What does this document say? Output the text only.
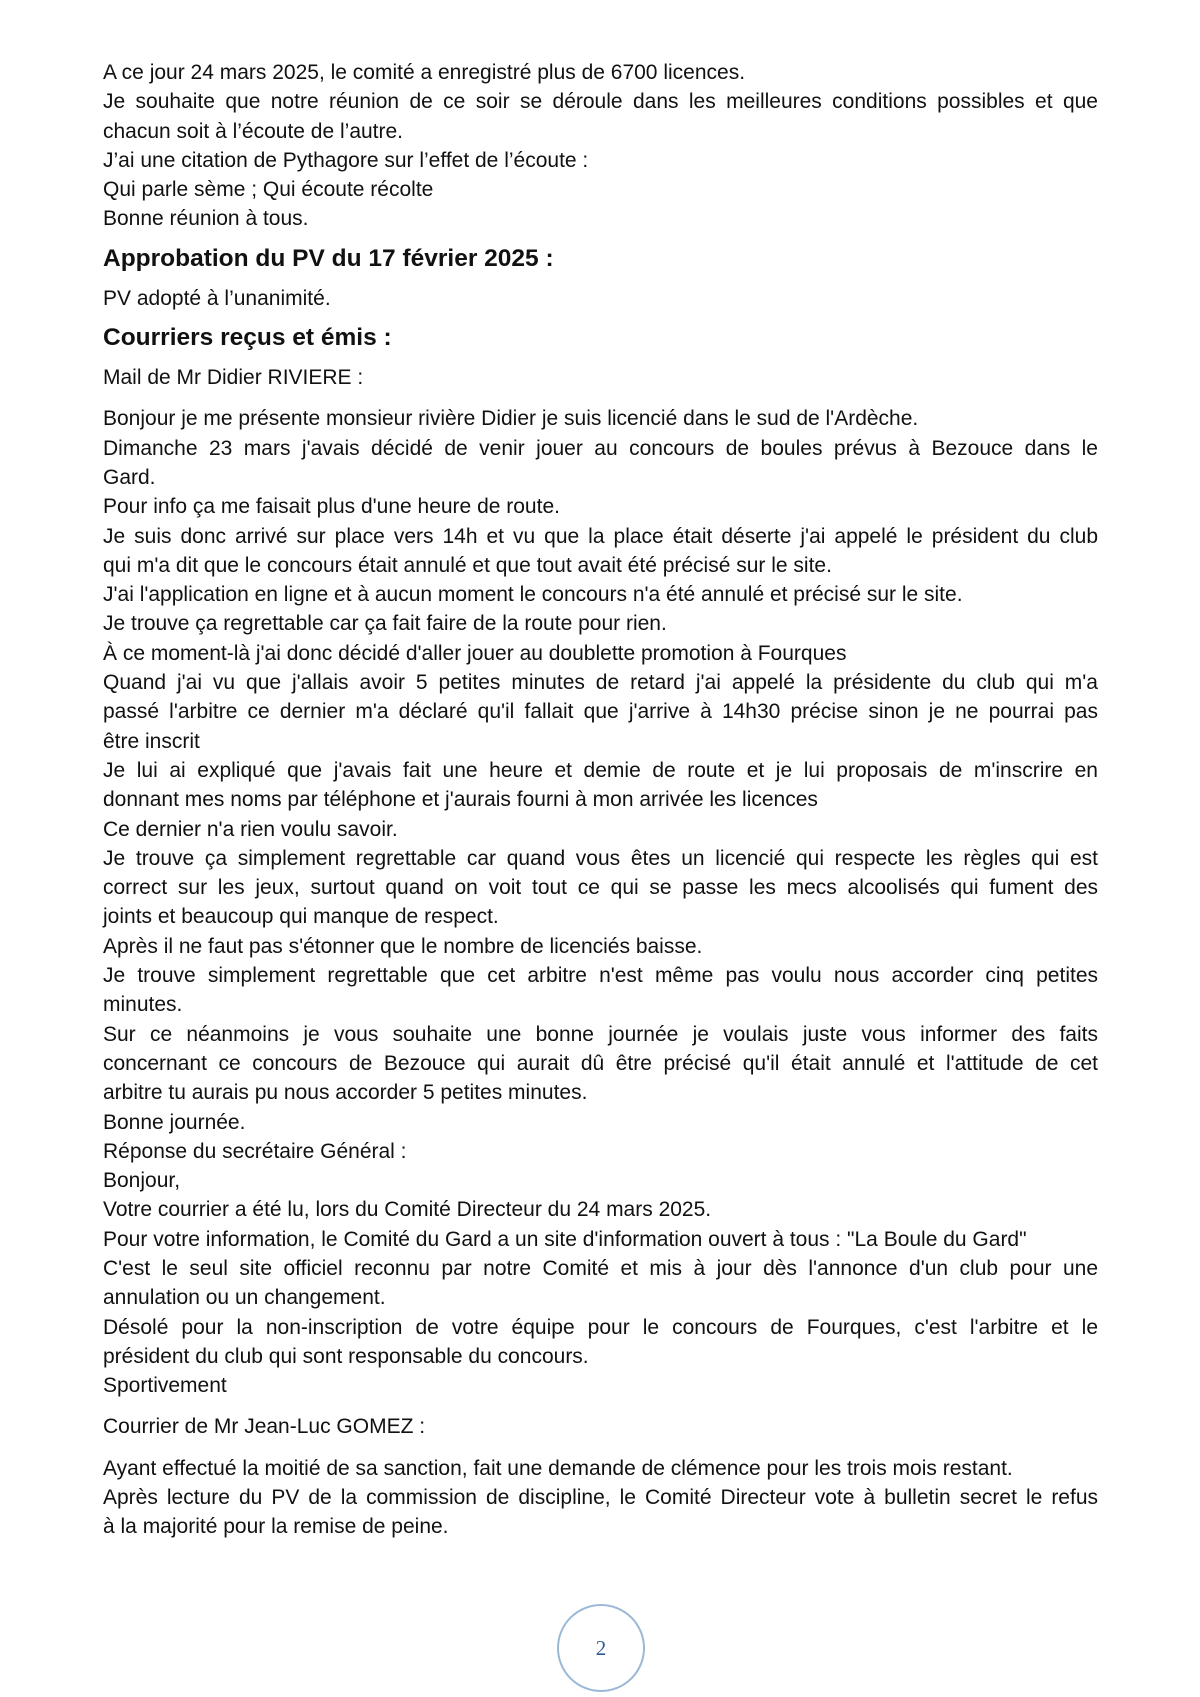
A ce jour 24 mars 2025, le comité a enregistré plus de 6700 licences.
Je souhaite que notre réunion de ce soir se déroule dans les meilleures conditions possibles et que
chacun soit à l’écoute de l’autre.
J’ai une citation de Pythagore sur l’effet de l’écoute :
Qui parle sème ; Qui écoute récolte
Bonne réunion à tous.
Approbation du PV du 17 février 2025 :
PV adopté à l’unanimité.
Courriers reçus et émis :
Mail de Mr Didier RIVIERE :
Bonjour je me présente monsieur rivière Didier je suis licencié dans le sud de l'Ardèche.
Dimanche 23 mars j'avais décidé de venir jouer au concours de boules prévus à Bezouce dans le
Gard.
Pour info ça me faisait plus d'une heure de route.
Je suis donc arrivé sur place vers 14h et vu que la place était déserte j'ai appelé le président du club
qui m'a dit que le concours était annulé et que tout avait été précisé sur le site.
J'ai l'application en ligne et à aucun moment le concours n'a été annulé et précisé sur le site.
Je trouve ça regrettable car ça fait faire de la route pour rien.
À ce moment-là j'ai donc décidé d'aller jouer au doublette promotion à Fourques
Quand j'ai vu que j'allais avoir 5 petites minutes de retard j'ai appelé la présidente du club qui m'a
passé l'arbitre ce dernier m'a déclaré qu'il fallait que j'arrive à 14h30 précise sinon je ne pourrai pas
être inscrit
Je lui ai expliqué que j'avais fait une heure et demie de route et je lui proposais de m'inscrire en
donnant mes noms par téléphone et j'aurais fourni à mon arrivée les licences
Ce dernier n'a rien voulu savoir.
Je trouve ça simplement regrettable car quand vous êtes un licencié qui respecte les règles qui est
correct sur les jeux, surtout quand on voit tout ce qui se passe les mecs alcoolisés qui fument des
joints et beaucoup qui manque de respect.
Après il ne faut pas s'étonner que le nombre de licenciés baisse.
Je trouve simplement regrettable que cet arbitre n'est même pas voulu nous accorder cinq petites
minutes.
Sur ce néanmoins je vous souhaite une bonne journée je voulais juste vous informer des faits
concernant ce concours de Bezouce qui aurait dû être précisé qu'il était annulé et l'attitude de cet
arbitre tu aurais pu nous accorder 5 petites minutes.
Bonne journée.
Réponse du secrétaire Général :
Bonjour,
Votre courrier a été lu, lors du Comité Directeur du 24 mars 2025.
Pour votre information, le Comité du Gard a un site d'information ouvert à tous : "La Boule du Gard"
C'est le seul site officiel reconnu par notre Comité et mis à jour dès l'annonce d'un club pour une
annulation ou un changement.
Désolé pour la non-inscription de votre équipe pour le concours de Fourques, c'est l'arbitre et le
président du club qui sont responsable du concours.
Sportivement
Courrier de Mr Jean-Luc GOMEZ :
Ayant effectué la moitié de sa sanction, fait une demande de clémence pour les trois mois restant.
Après lecture du PV de la commission de discipline, le Comité Directeur vote à bulletin secret le refus
à la majorité pour la remise de peine.
2
